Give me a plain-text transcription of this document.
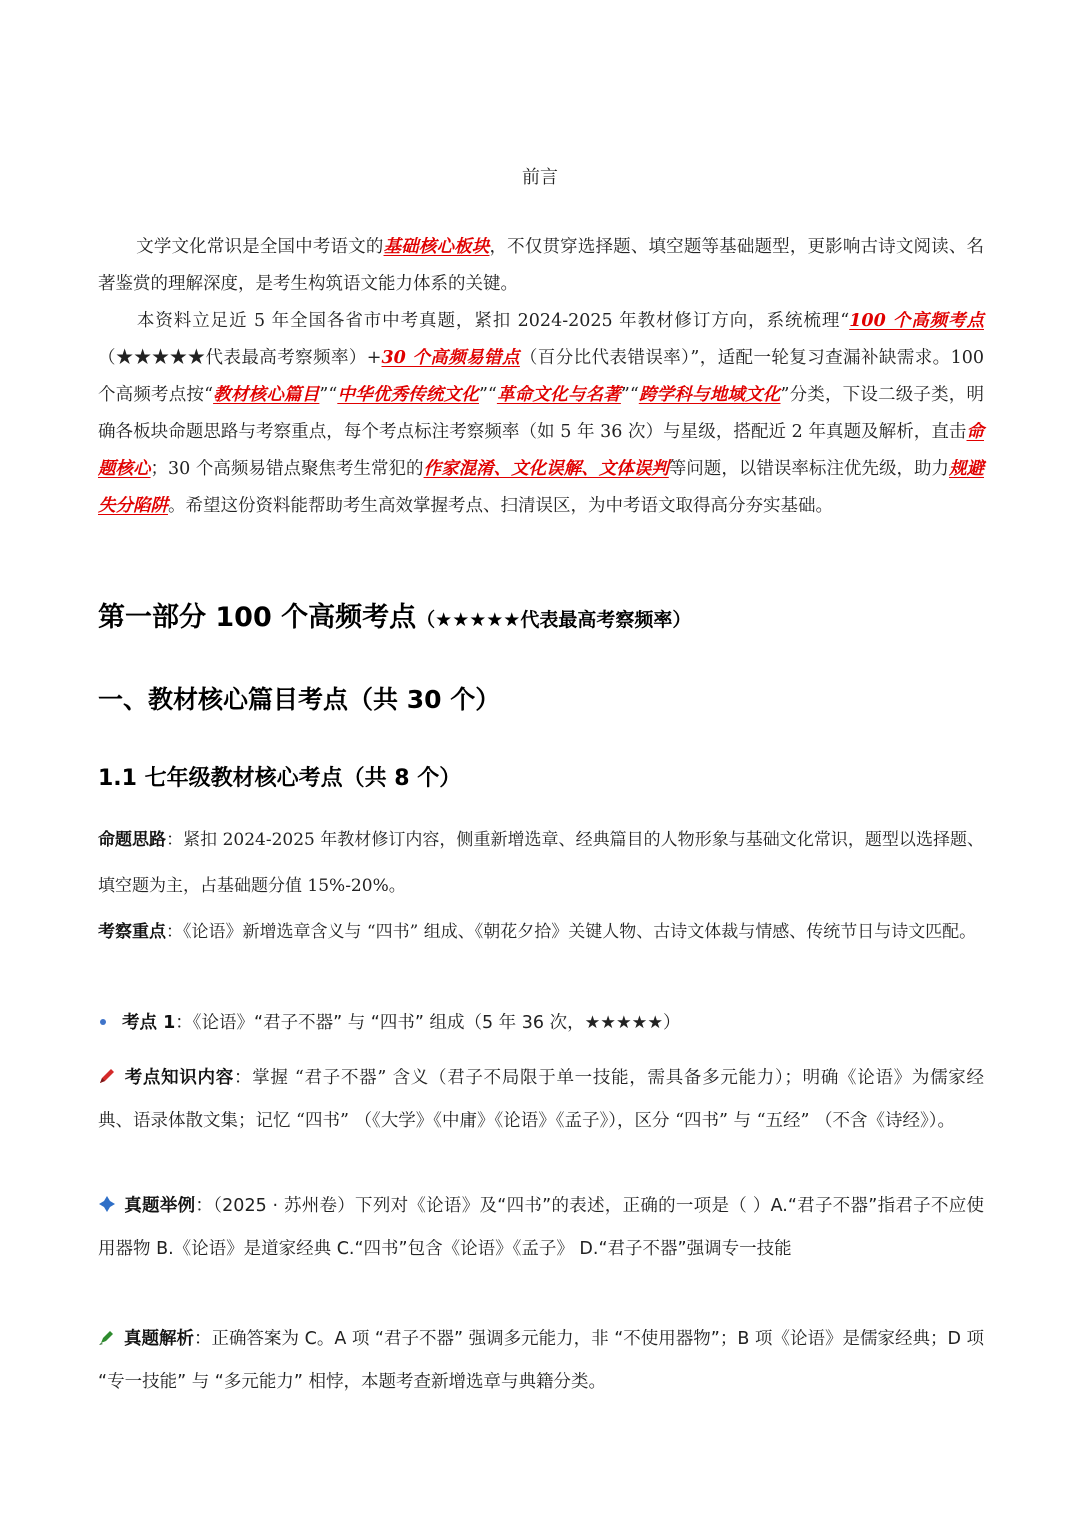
前言
文学文化常识是全国中考语文的基础核心板块，不仅贯穿选择题、填空题等基础题型，更影响古诗文阅读、名著鉴赏的理解深度，是考生构筑语文能力体系的关键。
本资料立足近 5 年全国各省市中考真题，紧扣 2024-2025 年教材修订方向，系统梳理“100 个高频考点（★★★★★代表最高考察频率）+30 个高频易错点（百分比代表错误率）”，适配一轮复习查漏补缺需求。100 个高频考点按“教材核心篇目”“中华优秀传统文化”“革命文化与名著”“跨学科与地域文化”分类，下设二级子类，明确各板块命题思路与考察重点，每个考点标注考察频率（如 5 年 36 次）与星级，搭配近 2 年真题及解析，直击命题核心；30 个高频易错点聚焦考生常犯的作家混淆、文化误解、文体误判等问题，以错误率标注优先级，助力规避失分陷阱。希望这份资料能帮助考生高效掌握考点、扫清误区，为中考语文取得高分夯实基础。
第一部分 100 个高频考点（★★★★★代表最高考察频率）
一、教材核心篇目考点（共 30 个）
1.1 七年级教材核心考点（共 8 个）
命题思路：紧扣 2024-2025 年教材修订内容，侧重新增选章、经典篇目的人物形象与基础文化常识，题型以选择题、填空题为主，占基础题分值 15%-20%。
考察重点：《论语》新增选章含义与 “四书” 组成、《朝花夕拾》关键人物、古诗文体裁与情感、传统节日与诗文匹配。
考点 1：《论语》“君子不器” 与 “四书” 组成（5 年 36 次，★★★★★）
考点知识内容：掌握 “君子不器” 含义（君子不局限于单一技能，需具备多元能力）；明确《论语》为儒家经典、语录体散文集；记忆 “四书” （《大学》《中庸》《论语》《孟子》），区分 “四书” 与 “五经” （不含《诗经》）。
真题举例：（2025 · 苏州卷）下列对《论语》及“四书”的表述，正确的一项是（ ）A.“君子不器”指君子不应使用器物 B.《论语》是道家经典 C.“四书”包含《论语》《孟子》 D.“君子不器”强调专一技能
真题解析：正确答案为 C。A 项 “君子不器” 强调多元能力，非 “不使用器物”；B 项《论语》是儒家经典；D 项 “专一技能” 与 “多元能力” 相悖，本题考查新增选章与典籍分类。
